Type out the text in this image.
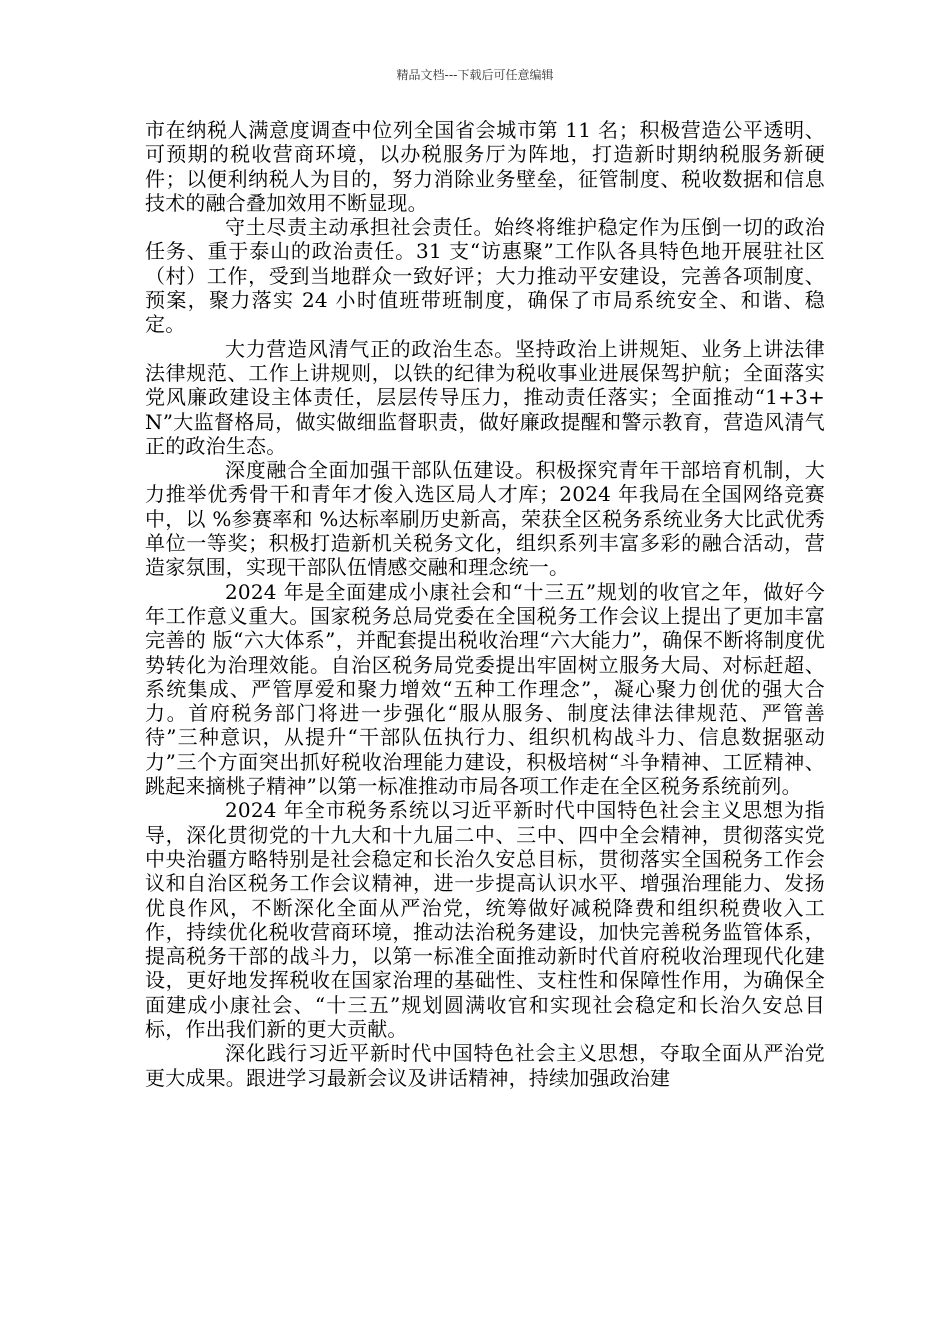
精品文档---下载后可任意编辑

市在纳税人满意度调查中位列全国省会城市第 11 名；积极营造公平透明、可预期的税收营商环境，以办税服务厅为阵地，打造新时期纳税服务新硬件；以便利纳税人为目的，努力消除业务壁垒，征管制度、税收数据和信息技术的融合叠加效用不断显现。

守土尽责主动承担社会责任。始终将维护稳定作为压倒一切的政治任务、重于泰山的政治责任。31 支“访惠聚”工作队各具特色地开展驻社区（村）工作，受到当地群众一致好评；大力推动平安建设，完善各项制度、预案，聚力落实 24 小时值班带班制度，确保了市局系统安全、和谐、稳定。

大力营造风清气正的政治生态。坚持政治上讲规矩、业务上讲法律法律规范、工作上讲规则，以铁的纪律为税收事业进展保驾护航；全面落实党风廉政建设主体责任，层层传导压力，推动责任落实；全面推动“1+3+N”大监督格局，做实做细监督职责，做好廉政提醒和警示教育，营造风清气正的政治生态。

深度融合全面加强干部队伍建设。积极探究青年干部培育机制，大力推举优秀骨干和青年才俊入选区局人才库；2024 年我局在全国网络竞赛中，以 %参赛率和 %达标率刷历史新高，荣获全区税务系统业务大比武优秀单位一等奖；积极打造新机关税务文化，组织系列丰富多彩的融合活动，营造家氛围，实现干部队伍情感交融和理念统一。

2024 年是全面建成小康社会和“十三五”规划的收官之年，做好今年工作意义重大。国家税务总局党委在全国税务工作会议上提出了更加丰富完善的 版“六大体系”，并配套提出税收治理“六大能力”，确保不断将制度优势转化为治理效能。自治区税务局党委提出牢固树立服务大局、对标赶超、系统集成、严管厚爱和聚力增效“五种工作理念”，凝心聚力创优的强大合力。首府税务部门将进一步强化“服从服务、制度法律法律规范、严管善待”三种意识，从提升“干部队伍执行力、组织机构战斗力、信息数据驱动力”三个方面突出抓好税收治理能力建设，积极培树“斗争精神、工匠精神、跳起来摘桃子精神”以第一标准推动市局各项工作走在全区税务系统前列。

2024 年全市税务系统以习近平新时代中国特色社会主义思想为指导，深化贯彻党的十九大和十九届二中、三中、四中全会精神，贯彻落实党中央治疆方略特别是社会稳定和长治久安总目标，贯彻落实全国税务工作会议和自治区税务工作会议精神，进一步提高认识水平、增强治理能力、发扬优良作风，不断深化全面从严治党，统筹做好减税降费和组织税费收入工作，持续优化税收营商环境，推动法治税务建设，加快完善税务监管体系，提高税务干部的战斗力，以第一标准全面推动新时代首府税收治理现代化建设，更好地发挥税收在国家治理的基础性、支柱性和保障性作用，为确保全面建成小康社会、“十三五”规划圆满收官和实现社会稳定和长治久安总目标，作出我们新的更大贡献。

深化践行习近平新时代中国特色社会主义思想，夺取全面从严治党更大成果。跟进学习最新会议及讲话精神，持续加强政治建
